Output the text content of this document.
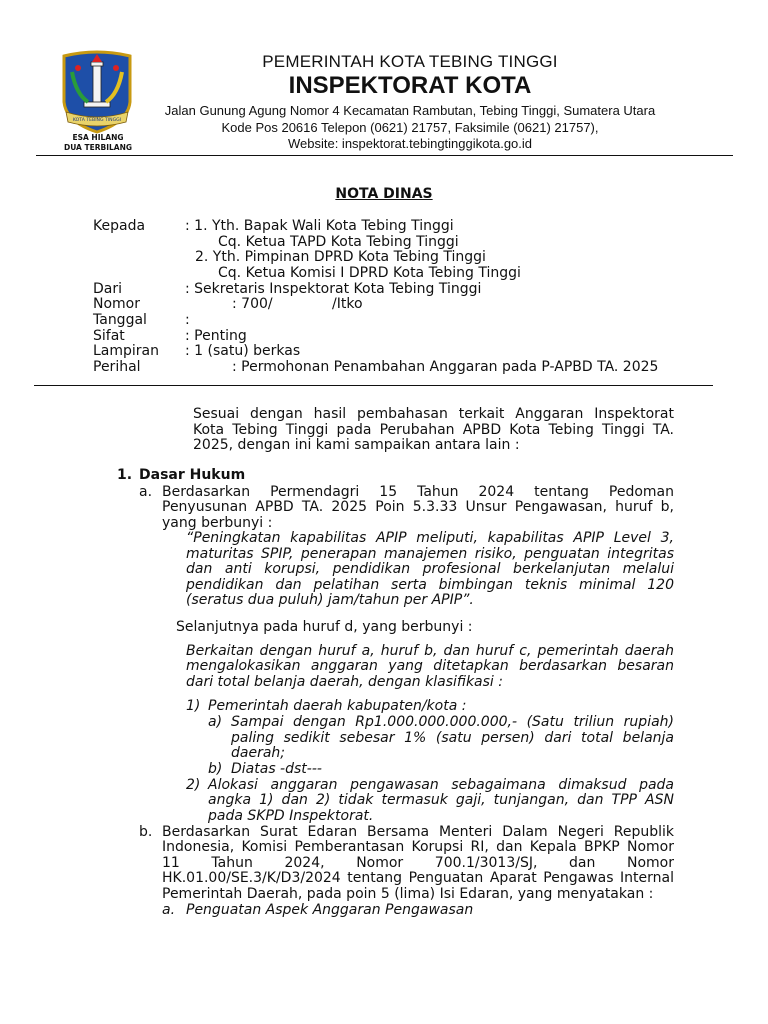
KOTA TEBING TINGGI
ESA HILANG
DUA TERBILANG
PEMERINTAH KOTA TEBING TINGGI
INSPEKTORAT KOTA
Jalan Gunung Agung Nomor 4 Kecamatan Rambutan, Tebing Tinggi, Sumatera Utara
Kode Pos 20616 Telepon (0621) 21757, Faksimile (0621) 21757),
Website: inspektorat.tebingtinggikota.go.id
NOTA DINAS
Kepada	: 1. Yth. Bapak Wali Kota Tebing Tinggi
Cq. Ketua TAPD Kota Tebing Tinggi
2. Yth. Pimpinan DPRD Kota Tebing Tinggi
Cq. Ketua Komisi I DPRD Kota Tebing Tinggi
Dari	: Sekretaris Inspektorat Kota Tebing Tinggi
Nomor	: 700/	/Itko
Tanggal	:
Sifat	: Penting
Lampiran : 1 (satu) berkas
Perihal	: Permohonan Penambahan Anggaran pada P-APBD TA. 2025
Sesuai dengan hasil pembahasan terkait Anggaran Inspektorat
Kota Tebing Tinggi pada Perubahan APBD Kota Tebing Tinggi TA.
2025, dengan ini kami sampaikan antara lain :
1. Dasar Hukum
a. Berdasarkan Permendagri 15 Tahun 2024 tentang Pedoman
Penyusunan APBD TA. 2025 Poin 5.3.33 Unsur Pengawasan, huruf b,
yang berbunyi :
“Peningkatan kapabilitas APIP meliputi, kapabilitas APIP Level 3,
maturitas SPIP, penerapan manajemen risiko, penguatan integritas
dan anti korupsi, pendidikan profesional berkelanjutan melalui
pendidikan dan pelatihan serta bimbingan teknis minimal 120
(seratus dua puluh) jam/tahun per APIP”.
Selanjutnya pada huruf d, yang berbunyi :
Berkaitan dengan huruf a, huruf b, dan huruf c, pemerintah daerah
mengalokasikan anggaran yang ditetapkan berdasarkan besaran
dari total belanja daerah, dengan klasifikasi :
1) Pemerintah daerah kabupaten/kota :
a) Sampai dengan Rp1.000.000.000.000,- (Satu triliun rupiah)
paling sedikit sebesar 1% (satu persen) dari total belanja
daerah;
b) Diatas -dst---
2) Alokasi anggaran pengawasan sebagaimana dimaksud pada
angka 1) dan 2) tidak termasuk gaji, tunjangan, dan TPP ASN
pada SKPD Inspektorat.
b. Berdasarkan Surat Edaran Bersama Menteri Dalam Negeri Republik
Indonesia, Komisi Pemberantasan Korupsi RI, dan Kepala BPKP Nomor
11 Tahun 2024, Nomor 700.1/3013/SJ, dan Nomor
HK.01.00/SE.3/K/D3/2024 tentang Penguatan Aparat Pengawas Internal
Pemerintah Daerah, pada poin 5 (lima) Isi Edaran, yang menyatakan :
a. Penguatan Aspek Anggaran Pengawasan
